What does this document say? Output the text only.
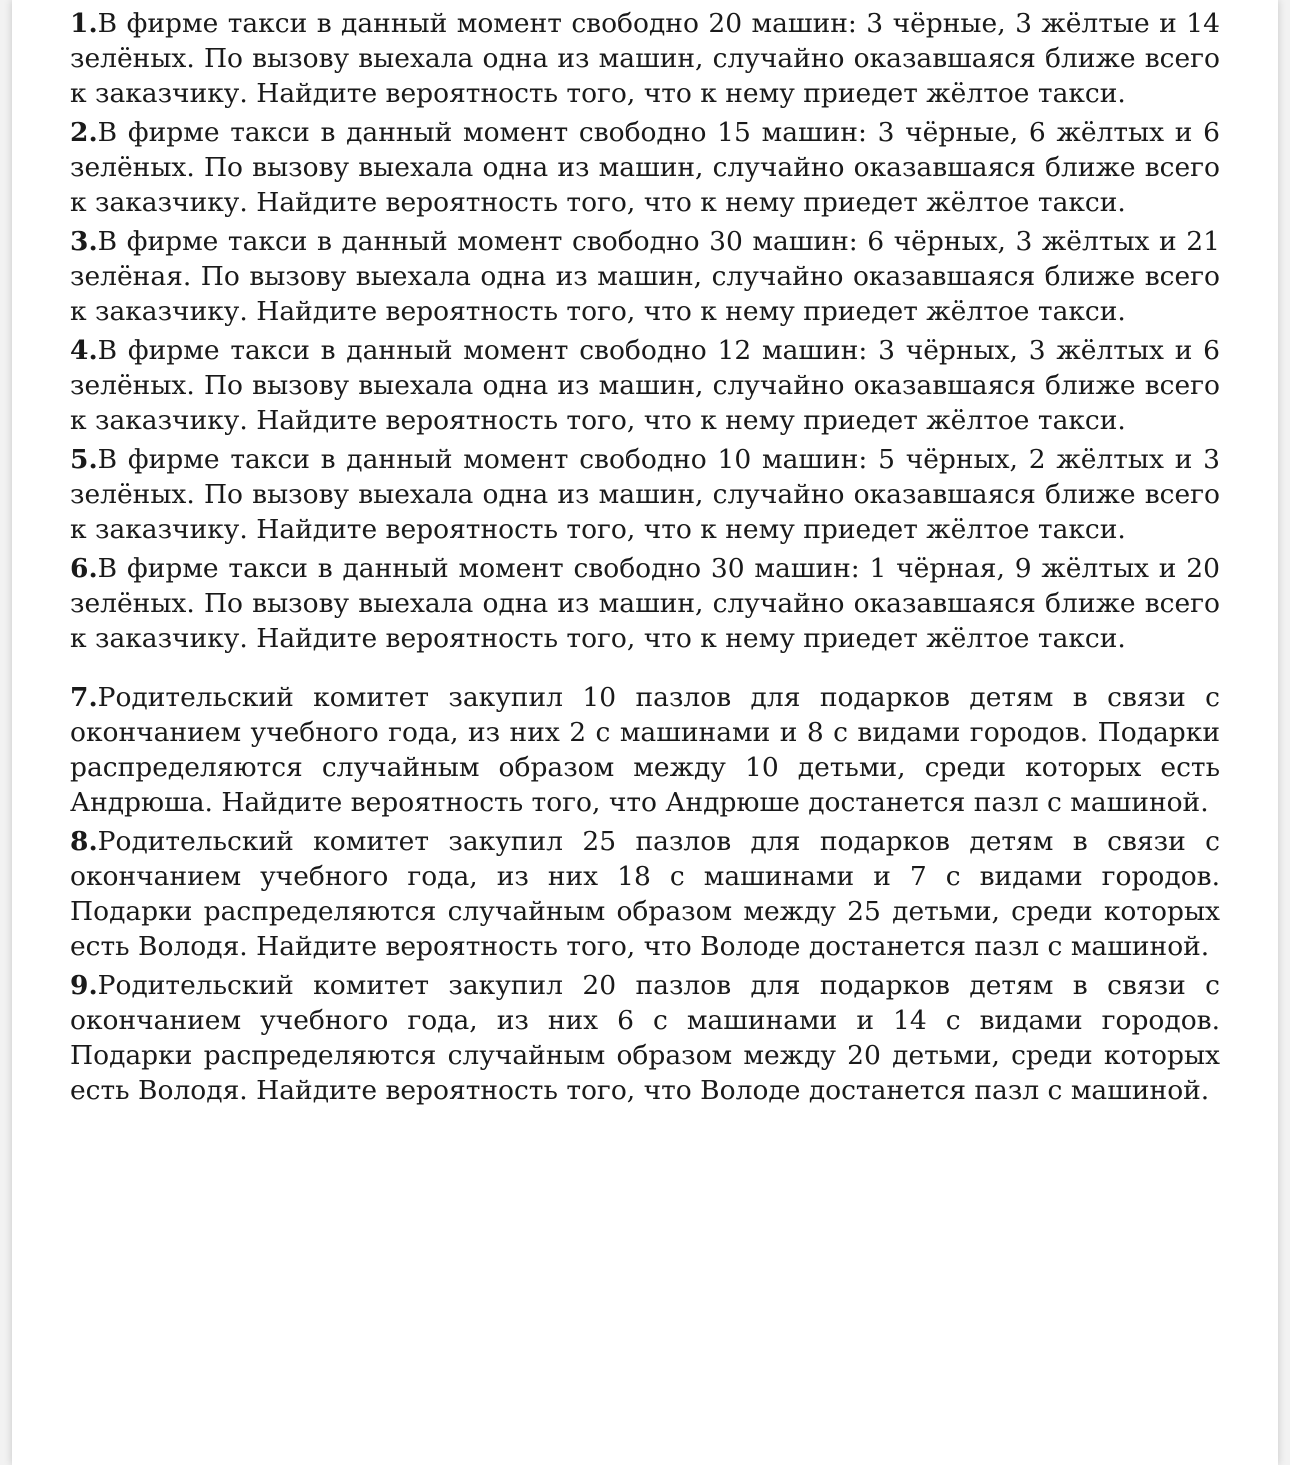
1.В фирме такси в данный момент свободно 20 машин: 3 чёрные, 3 жёлтые и 14 зелёных. По вызову выехала одна из машин, случайно оказавшаяся ближе всего к заказчику. Найдите вероятность того, что к нему приедет жёлтое такси.

2.В фирме такси в данный момент свободно 15 машин: 3 чёрные, 6 жёлтых и 6 зелёных. По вызову выехала одна из машин, случайно оказавшаяся ближе всего к заказчику. Найдите вероятность того, что к нему приедет жёлтое такси.

3.В фирме такси в данный момент свободно 30 машин: 6 чёрных, 3 жёлтых и 21 зелёная. По вызову выехала одна из машин, случайно оказавшаяся ближе всего к заказчику. Найдите вероятность того, что к нему приедет жёлтое такси.

4.В фирме такси в данный момент свободно 12 машин: 3 чёрных, 3 жёлтых и 6 зелёных. По вызову выехала одна из машин, случайно оказавшаяся ближе всего к заказчику. Найдите вероятность того, что к нему приедет жёлтое такси.

5.В фирме такси в данный момент свободно 10 машин: 5 чёрных, 2 жёлтых и 3 зелёных. По вызову выехала одна из машин, случайно оказавшаяся ближе всего к заказчику. Найдите вероятность того, что к нему приедет жёлтое такси.

6.В фирме такси в данный момент свободно 30 машин: 1 чёрная, 9 жёлтых и 20 зелёных. По вызову выехала одна из машин, случайно оказавшаяся ближе всего к заказчику. Найдите вероятность того, что к нему приедет жёлтое такси.

7.Родительский комитет закупил 10 пазлов для подарков детям в связи с окончанием учебного года, из них 2 с машинами и 8 с видами городов. Подарки распределяются случайным образом между 10 детьми, среди которых есть Андрюша. Найдите вероятность того, что Андрюше достанется пазл с машиной.

8.Родительский комитет закупил 25 пазлов для подарков детям в связи с окончанием учебного года, из них 18 с машинами и 7 с видами городов. Подарки распределяются случайным образом между 25 детьми, среди которых есть Володя. Найдите вероятность того, что Володе достанется пазл с машиной.

9.Родительский комитет закупил 20 пазлов для подарков детям в связи с окончанием учебного года, из них 6 с машинами и 14 с видами городов. Подарки распределяются случайным образом между 20 детьми, среди которых есть Володя. Найдите вероятность того, что Володе достанется пазл с машиной.
